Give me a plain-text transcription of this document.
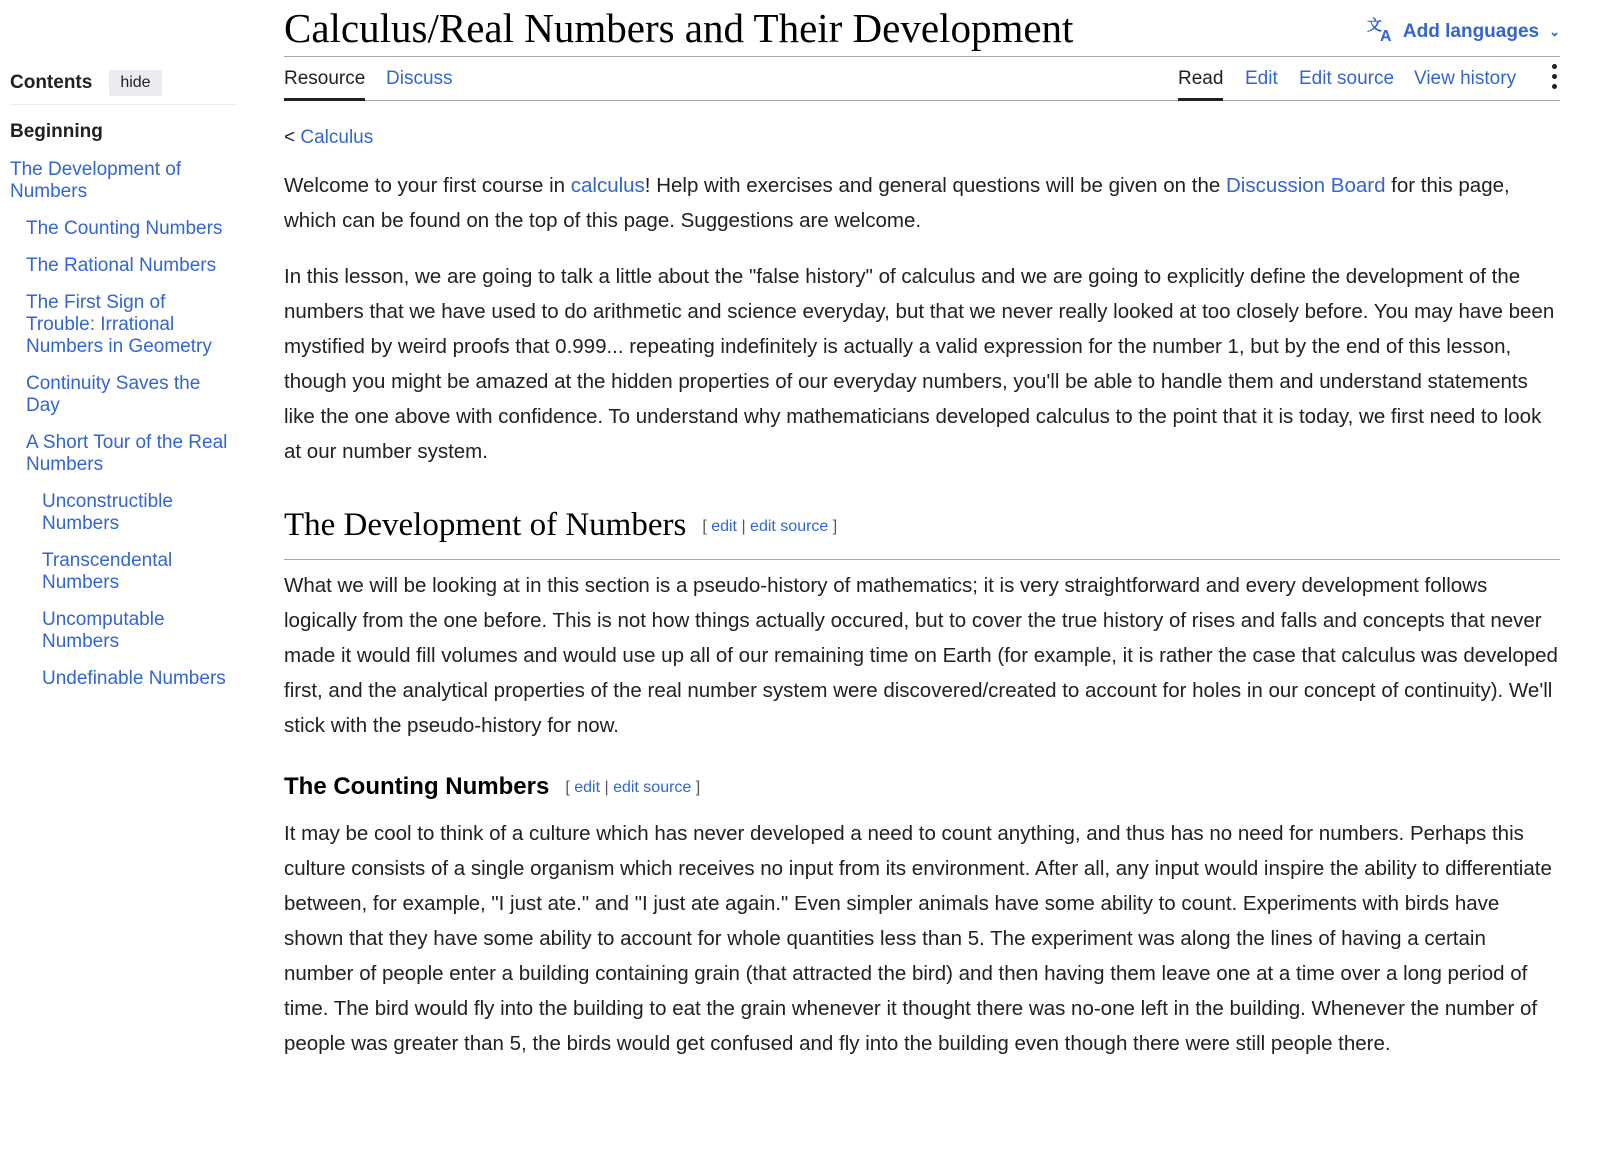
Contents	hide
Beginning
The Development of Numbers
The Counting Numbers
The Rational Numbers
The First Sign of Trouble: Irrational Numbers in Geometry
Continuity Saves the Day
A Short Tour of the Real Numbers
Unconstructible Numbers
Transcendental Numbers
Uncomputable Numbers
Undefinable Numbers
Calculus/Real Numbers and Their Development	文
A Add languages ⌄
Resource Discuss	Read Edit Edit source View history
< Calculus

Welcome to your first course in calculus! Help with exercises and general questions will be given on the Discussion Board for this page, which can be found on the top of this page. Suggestions are welcome.

In this lesson, we are going to talk a little about the "false history" of calculus and we are going to explicitly define the development of the numbers that we have used to do arithmetic and science everyday, but that we never really looked at too closely before. You may have been mystified by weird proofs that 0.999... repeating indefinitely is actually a valid expression for the number 1, but by the end of this lesson, though you might be amazed at the hidden properties of our everyday numbers, you'll be able to handle them and understand statements like the one above with confidence. To understand why mathematicians developed calculus to the point that it is today, we first need to look at our number system.

The Development of Numbers [ edit | edit source ]

What we will be looking at in this section is a pseudo-history of mathematics; it is very straightforward and every development follows logically from the one before. This is not how things actually occured, but to cover the true history of rises and falls and concepts that never made it would fill volumes and would use up all of our remaining time on Earth (for example, it is rather the case that calculus was developed first, and the analytical properties of the real number system were discovered/created to account for holes in our concept of continuity). We'll stick with the pseudo-history for now.

The Counting Numbers [ edit | edit source ]

It may be cool to think of a culture which has never developed a need to count anything, and thus has no need for numbers. Perhaps this culture consists of a single organism which receives no input from its environment. After all, any input would inspire the ability to differentiate between, for example, "I just ate." and "I just ate again." Even simpler animals have some ability to count. Experiments with birds have shown that they have some ability to account for whole quantities less than 5. The experiment was along the lines of having a certain number of people enter a building containing grain (that attracted the bird) and then having them leave one at a time over a long period of time. The bird would fly into the building to eat the grain whenever it thought there was no-one left in the building. Whenever the number of people was greater than 5, the birds would get confused and fly into the building even though there were still people there.
